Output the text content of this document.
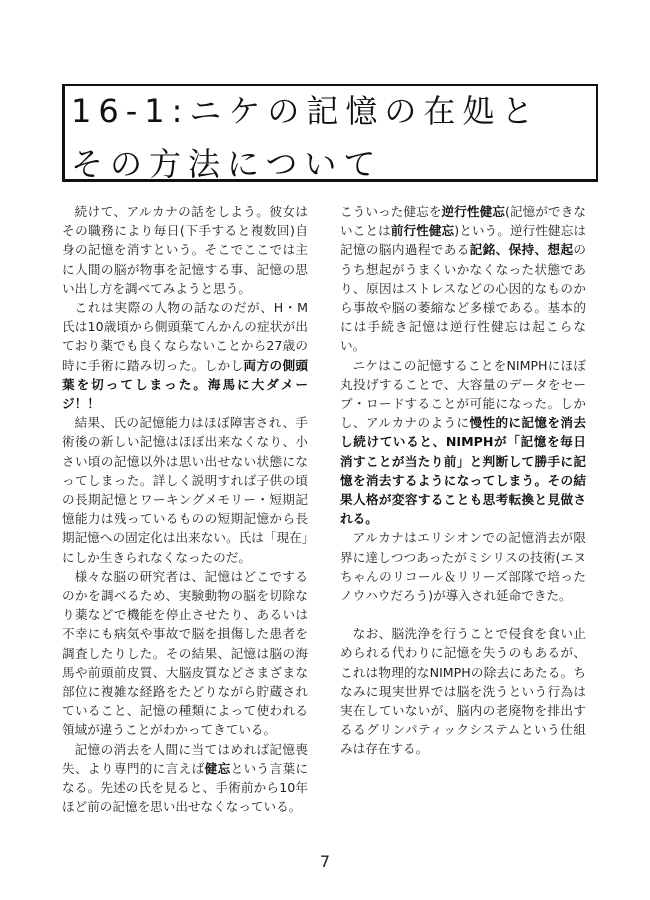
16-1:ニケの記憶の在処と
その方法について

続けて、アルカナの話をしよう。彼女はその職務により毎日(下手すると複数回)自身の記憶を消すという。そこでここでは主に人間の脳が物事を記憶する事、記憶の思い出し方を調べてみようと思う。

これは実際の人物の話なのだが、H・M氏は10歳頃から側頭葉てんかんの症状が出ており薬でも良くならないことから27歳の時に手術に踏み切った。しかし両方の側頭葉を切ってしまった。海馬に大ダメージ！！

結果、氏の記憶能力はほぼ障害され、手術後の新しい記憶はほぼ出来なくなり、小さい頃の記憶以外は思い出せない状態になってしまった。詳しく説明すれば子供の頃の長期記憶とワーキングメモリー・短期記憶能力は残っているものの短期記憶から長期記憶への固定化は出来ない。氏は「現在」にしか生きられなくなったのだ。

様々な脳の研究者は、記憶はどこでするのかを調べるため、実験動物の脳を切除なり薬などで機能を停止させたり、あるいは不幸にも病気や事故で脳を損傷した患者を調査したりした。その結果、記憶は脳の海馬や前頭前皮質、大脳皮質などさまざまな部位に複雑な経路をたどりながら貯蔵されていること、記憶の種類によって使われる領域が違うことがわかってきている。

記憶の消去を人間に当てはめれば記憶喪失、より専門的に言えば健忘という言葉になる。先述の氏を見ると、手術前から10年ほど前の記憶を思い出せなくなっている。

こういった健忘を逆行性健忘(記憶ができないことは前行性健忘)という。逆行性健忘は記憶の脳内過程である記銘、保持、想起のうち想起がうまくいかなくなった状態であり、原因はストレスなどの心因的なものから事故や脳の萎縮など多様である。基本的には手続き記憶は逆行性健忘は起こらない。

ニケはこの記憶することをNIMPHにほぼ丸投げすることで、大容量のデータをセーブ・ロードすることが可能になった。しかし、アルカナのように慢性的に記憶を消去し続けていると、NIMPHが「記憶を毎日消すことが当たり前」と判断して勝手に記憶を消去するようになってしまう。その結果人格が変容することも思考転換と見做される。

アルカナはエリシオンでの記憶消去が限界に達しつつあったがミシリスの技術(エヌちゃんのリコール＆リリーズ部隊で培ったノウハウだろう)が導入され延命できた。

なお、脳洗浄を行うことで侵食を食い止められる代わりに記憶を失うのもあるが、これは物理的なNIMPHの除去にあたる。ちなみに現実世界では脳を洗うという行為は実在していないが、脳内の老廃物を排出するるグリンパティックシステムという仕組みは存在する。

7
